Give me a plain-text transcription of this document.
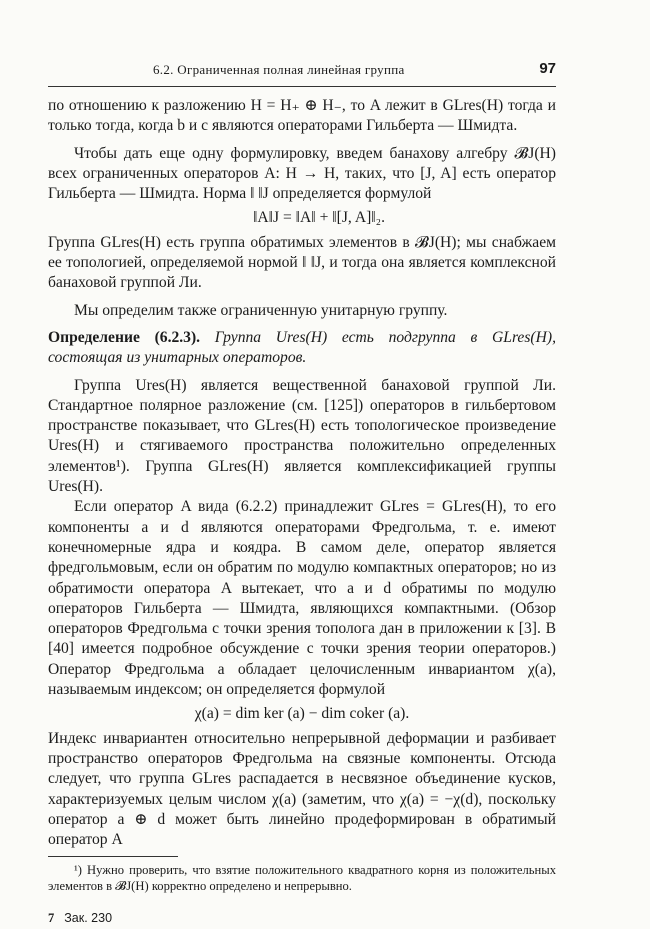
6.2. Ограниченная полная линейная группа	97

по отношению к разложению H = H₊ ⊕ H₋, то A лежит в GLres(H) тогда и только тогда, когда b и c являются операторами Гильберта — Шмидта.

Чтобы дать еще одну формулировку, введем банахову алгебру 𝓑J(H) всех ограниченных операторов A: H → H, таких, что [J, A] есть оператор Гильберта — Шмидта. Норма ‖ ‖J определяется формулой

‖A‖J = ‖A‖ + ‖[J, A]‖₂.

Группа GLres(H) есть группа обратимых элементов в 𝓑J(H); мы снабжаем ее топологией, определяемой нормой ‖ ‖J, и тогда она является комплексной банаховой группой Ли.

Мы определим также ограниченную унитарную группу.

Определение (6.2.3). Группа Ures(H) есть подгруппа в GLres(H), состоящая из унитарных операторов.

Группа Ures(H) является вещественной банаховой группой Ли. Стандартное полярное разложение (см. [125]) операторов в гильбертовом пространстве показывает, что GLres(H) есть топологическое произведение Ures(H) и стягиваемого пространства положительно определенных элементов¹). Группа GLres(H) является комплексификацией группы Ures(H).

Если оператор A вида (6.2.2) принадлежит GLres = GLres(H), то его компоненты a и d являются операторами Фредгольма, т. е. имеют конечномерные ядра и коядра. В самом деле, оператор является фредгольмовым, если он обратим по модулю компактных операторов; но из обратимости оператора A вытекает, что a и d обратимы по модулю операторов Гильберта — Шмидта, являющихся компактными. (Обзор операторов Фредгольма с точки зрения тополога дан в приложении к [3]. В [40] имеется подробное обсуждение с точки зрения теории операторов.) Оператор Фредгольма a обладает целочисленным инвариантом χ(a), называемым индексом; он определяется формулой

χ(a) = dim ker (a) − dim coker (a).

Индекс инвариантен относительно непрерывной деформации и разбивает пространство операторов Фредгольма на связные компоненты. Отсюда следует, что группа GLres распадается в несвязное объединение кусков, характеризуемых целым числом χ(a) (заметим, что χ(a) = −χ(d), поскольку оператор a ⊕ d может быть линейно продеформирован в обратимый оператор A

¹) Нужно проверить, что взятие положительного квадратного корня из положительных элементов в 𝓑J(H) корректно определено и непрерывно.

7 Зак. 230
